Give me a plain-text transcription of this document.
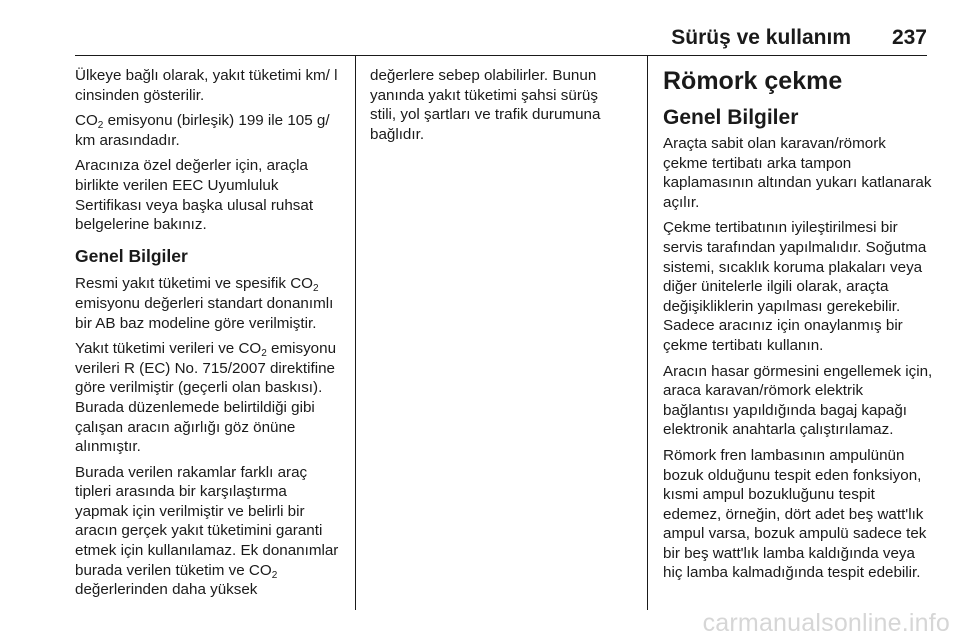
Sürüş ve kullanım 237

Ülkeye bağlı olarak, yakıt tüketimi km/ l cinsinden gösterilir.

$CO_2$ emisyonu (birleşik) 199 ile 105 g/ km arasındadır.

Aracınıza özel değerler için, araçla birlikte verilen EEC Uyumluluk Sertifikası veya başka ulusal ruhsat belgelerine bakınız.

Genel Bilgiler

Resmi yakıt tüketimi ve spesifik $CO_2$ emisyonu değerleri standart donanımlı bir AB baz modeline göre verilmiştir.

Yakıt tüketimi verileri ve $CO_2$ emisyonu verileri R (EC) No. 715/2007 direktifine göre verilmiştir (geçerli olan baskısı). Burada düzenlemede belirtildiği gibi çalışan aracın ağırlığı göz önüne alınmıştır.

Burada verilen rakamlar farklı araç tipleri arasında bir karşılaştırma yapmak için verilmiştir ve belirli bir aracın gerçek yakıt tüketimini garanti etmek için kullanılamaz. Ek donanımlar burada verilen tüketim ve $CO_2$ değerlerinden daha yüksek

değerlere sebep olabilirler. Bunun yanında yakıt tüketimi şahsi sürüş stili, yol şartları ve trafik durumuna bağlıdır.

Römork çekme
Genel Bilgiler

Araçta sabit olan karavan/römork çekme tertibatı arka tampon kaplamasının altından yukarı katlanarak açılır.

Çekme tertibatının iyileştirilmesi bir servis tarafından yapılmalıdır. Soğutma sistemi, sıcaklık koruma plakaları veya diğer ünitelerle ilgili olarak, araçta değişikliklerin yapılması gerekebilir. Sadece aracınız için onaylanmış bir çekme tertibatı kullanın.

Aracın hasar görmesini engellemek için, araca karavan/römork elektrik bağlantısı yapıldığında bagaj kapağı elektronik anahtarla çalıştırılamaz.

Römork fren lambasının ampulünün bozuk olduğunu tespit eden fonksiyon, kısmi ampul bozukluğunu tespit edemez, örneğin, dört adet beş watt'lık ampul varsa, bozuk ampulü sadece tek bir beş watt'lık lamba kaldığında veya hiç lamba kalmadığında tespit edebilir.

carmanualsonline.info
